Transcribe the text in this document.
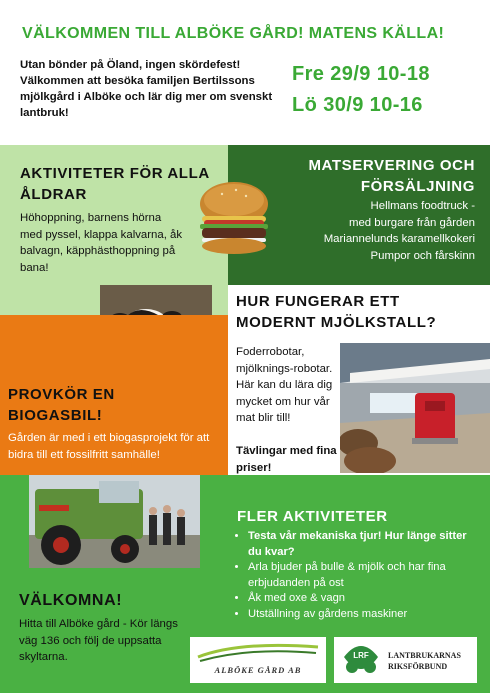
VÄLKOMMEN TILL ALBÖKE GÅRD! MATENS KÄLLA!
Utan bönder på Öland, ingen skördefest! Välkommen att besöka familjen Bertilssons mjölkgård i Alböke och lär dig mer om svenskt lantbruk!
Fre 29/9 10-18
Lö 30/9 10-16
AKTIVITETER FÖR ALLA ÅLDRAR
Höhoppning, barnens hörna med pyssel, klappa kalvarna, åk balvagn, käpphästhoppning på bana!
MATSERVERING OCH FÖRSÄLJNING
Hellmans foodtruck -
med burgare från gården
Mariannelunds karamellkokeri
Pumpor och fårskinn
HUR FUNGERAR ETT MODERNT MJÖLKSTALL?
Foderrobotar, mjölknings-robotar. Här kan du lära dig mycket om hur vår mat blir till!
Tävlingar med fina priser!
PROVKÖR EN BIOGASBIL!
Gården är med i ett biogasprojekt för att bidra till ett fossilfritt samhälle!
FLER AKTIVITETER
• Testa vår mekaniska tjur! Hur länge sitter du kvar?
• Arla bjuder på bulle & mjölk och har fina erbjudanden på ost
• Åk med oxe & vagn
• Utställning av gårdens maskiner
VÄLKOMNA!
Hitta till Alböke gård - Kör längs väg 136 och följ de uppsatta skyltarna.
ALBÖKE GÅRD AB
LRF	LANTBRUKARNAS
RIKSFÖRBUND
